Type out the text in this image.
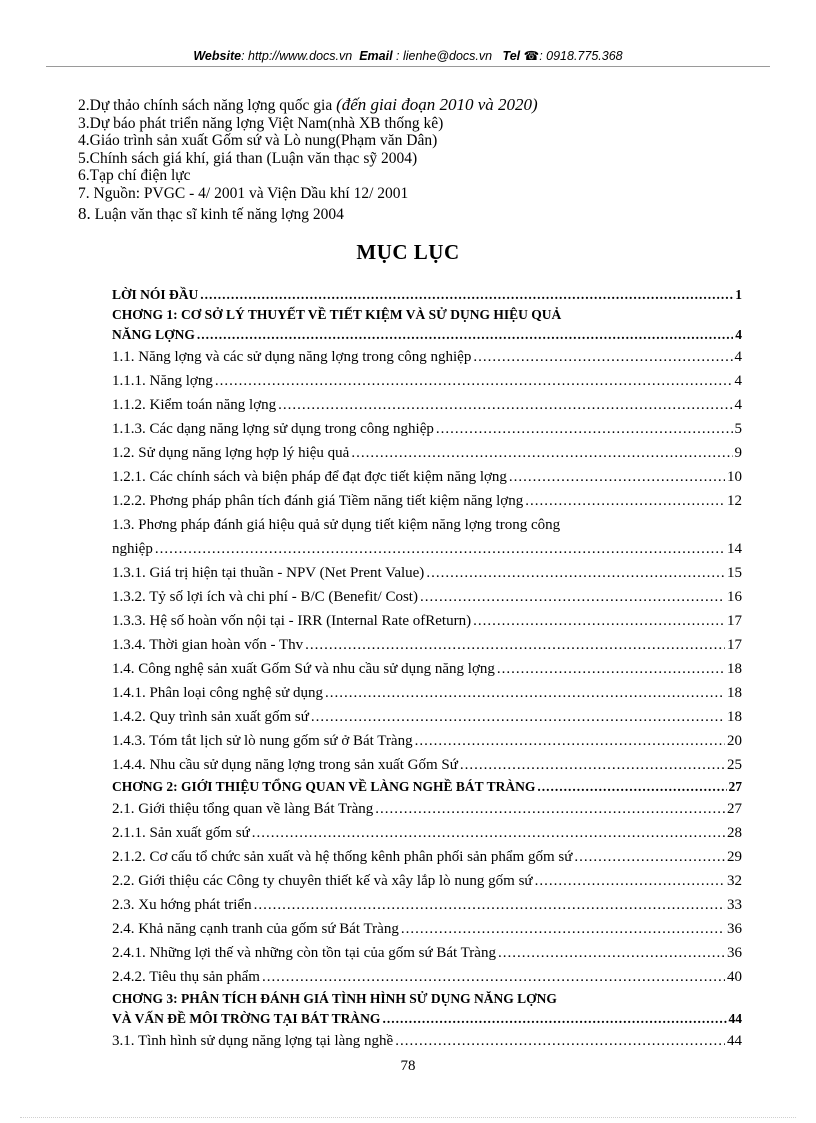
Website: http://www.docs.vn Email : lienhe@docs.vn Tel ☎: 0918.775.368
2.Dự thảo chính sách năng lợng quốc gia (đến giai đoạn 2010 và 2020)
3.Dự báo phát triển năng lợng Việt Nam(nhà XB thống kê)
4.Giáo trình sản xuất Gốm sứ và Lò nung(Phạm văn Dân)
5.Chính sách giá khí, giá than (Luận văn thạc sỹ 2004)
6.Tạp chí điện lực
7. Nguồn: PVGC - 4/ 2001 và Viện Dầu khí 12/ 2001
8. Luận văn thạc sĩ kinh tế năng lợng 2004
MỤC LỤC
LỜI NÓI ĐẦU .....	1
CHƠNG 1: CƠ SỞ LÝ THUYẾT VỀ TIẾT KIỆM VÀ SỬ DỤNG HIỆU QUẢ
NĂNG LỢNG .....	4
1.1. Năng lợng và các sử dụng năng lợng trong công nghiệp .....	4
1.1.1. Năng lợng .....	4
1.1.2. Kiểm toán năng lợng .....	4
1.1.3. Các dạng năng lợng sử dụng trong công nghiệp .....	5
1.2. Sử dụng năng lợng hợp lý hiệu quả .....	9
1.2.1. Các chính sách và biện pháp để đạt đợc tiết kiệm năng lợng .....	10
1.2.2. Phơng pháp phân tích đánh giá Tiềm năng tiết kiệm năng lợng .....	12
1.3. Phơng pháp đánh giá hiệu quả sử dụng tiết kiệm năng lợng trong công
nghiệp .....	14
1.3.1. Giá trị hiện tại thuần - NPV (Net Prent Value) .....	15
1.3.2. Tỷ số lợi ích và chi phí - B/C (Benefit/ Cost) .....	16
1.3.3. Hệ số hoàn vốn nội tại - IRR (Internal Rate ofReturn) .....	17
1.3.4. Thời gian hoàn vốn - Thv .....	17
1.4. Công nghệ sản xuất Gốm Sứ và nhu cầu sử dụng năng lợng .....	18
1.4.1. Phân loại công nghệ sử dụng .....	18
1.4.2. Quy trình sản xuất gốm sứ .....	18
1.4.3. Tóm tắt lịch sử lò nung gốm sứ ở Bát Tràng .....	20
1.4.4. Nhu cầu sử dụng năng lợng trong sản xuất Gốm Sứ .....	25
CHƠNG 2: GIỚI THIỆU TỔNG QUAN VỀ LÀNG NGHỀ BÁT TRÀNG .....	27
2.1. Giới thiệu tổng quan về làng Bát Tràng .....	27
2.1.1. Sản xuất gốm sứ .....	28
2.1.2. Cơ cấu tổ chức sản xuất và hệ thống kênh phân phối sản phẩm gốm sứ .....	29
2.2. Giới thiệu các Công ty chuyên thiết kế và xây lắp lò nung gốm sứ .....	32
2.3. Xu hớng phát triển .....	33
2.4. Khả năng cạnh tranh của gốm sứ Bát Tràng .....	36
2.4.1. Những lợi thế và những còn tồn tại của gốm sứ Bát Tràng .....	36
2.4.2. Tiêu thụ sản phẩm .....	40
CHƠNG 3: PHÂN TÍCH ĐÁNH GIÁ TÌNH HÌNH SỬ DỤNG NĂNG LỢNG
VÀ VẤN ĐỀ MÔI TRỜNG TẠI BÁT TRÀNG .....	44
3.1. Tình hình sử dụng năng lợng tại làng nghề .....	44
78
